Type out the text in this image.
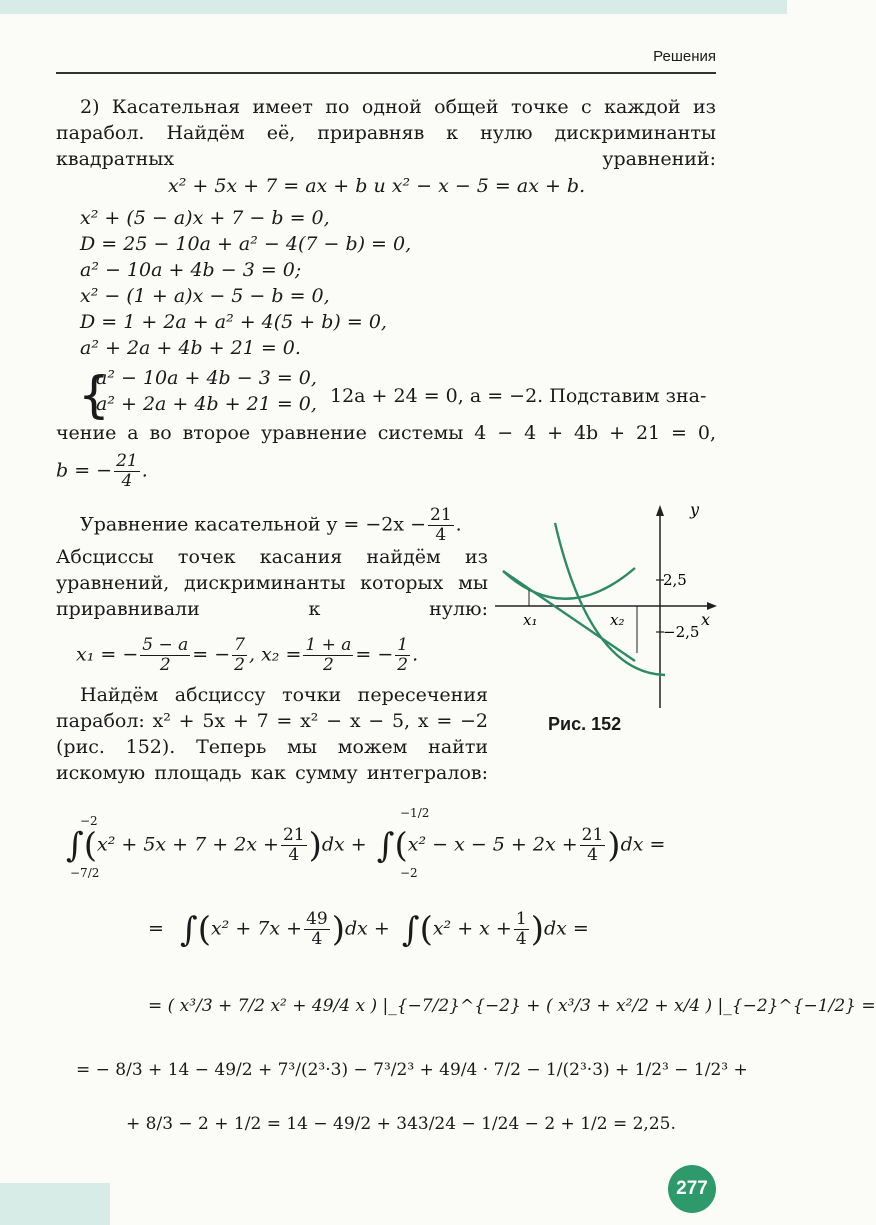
Решения
2) Касательная имеет по одной общей точке с каждой из парабол. Найдём её, приравняв к нулю дискриминанты квадратных уравнений:
x² + 5x + 7 = ax + b и x² − x − 5 = ax + b.
x² + (5 − a)x + 7 − b = 0,
D = 25 − 10a + a² − 4(7 − b) = 0,
a² − 10a + 4b − 3 = 0;
x² − (1 + a)x − 5 − b = 0,
D = 1 + 2a + a² + 4(5 + b) = 0,
a² + 2a + 4b + 21 = 0.
{
a² − 10a + 4b − 3 = 0,
a² + 2a + 4b + 21 = 0, 12a + 24 = 0, a = −2. Подставим зна-
чение a во второе уравнение системы 4 − 4 + 4b + 21 = 0,
b = − $\frac{21}{4}$ .
Уравнение касательной $y = -2x - \frac{21}{4}$ .
Абсциссы точек касания найдём из уравнений, дискриминанты которых мы приравнивали к нулю:
x₁ = − $\frac{5 - a}{2}$ = − $\frac{7}{2}$ , $x_2 = \frac{1 + a}{2}$ = − $\frac{1}{2}$ .
Найдём абсциссу точки пересечения парабол: x² + 5x + 7 = x² − x − 5, x = −2 (рис. 152). Теперь мы можем найти искомую площадь как сумму интегралов:
y
x
2,5
−2,5
x₁	x₂
Рис. 152
$\int(x^2 + 5x + 7 + 2x + \frac{21}{4} )dx + \int(x^2 - x - 5 + 2x + \frac{21}{4} )dx$ =
−2
−7/2
−1/2
−2
= $\int(x^2 + 7x + \frac{49}{4} )dx + \int(x^2 + x + \frac{1}{4} )dx$ =
= ( x³/3 + 7/2 x² + 49/4 x ) |_{−7/2}^{−2} + ( x³/3 + x²/2 + x/4 ) |_{−2}^{−1/2} =
= − 8/3 + 14 − 49/2 + 7³/(2³·3) − 7³/2³ + 49/4 · 7/2 − 1/(2³·3) + 1/2³ − 1/2³ +
+ 8/3 − 2 + 1/2 = 14 − 49/2 + 343/24 − 1/24 − 2 + 1/2 = 2,25.
277
